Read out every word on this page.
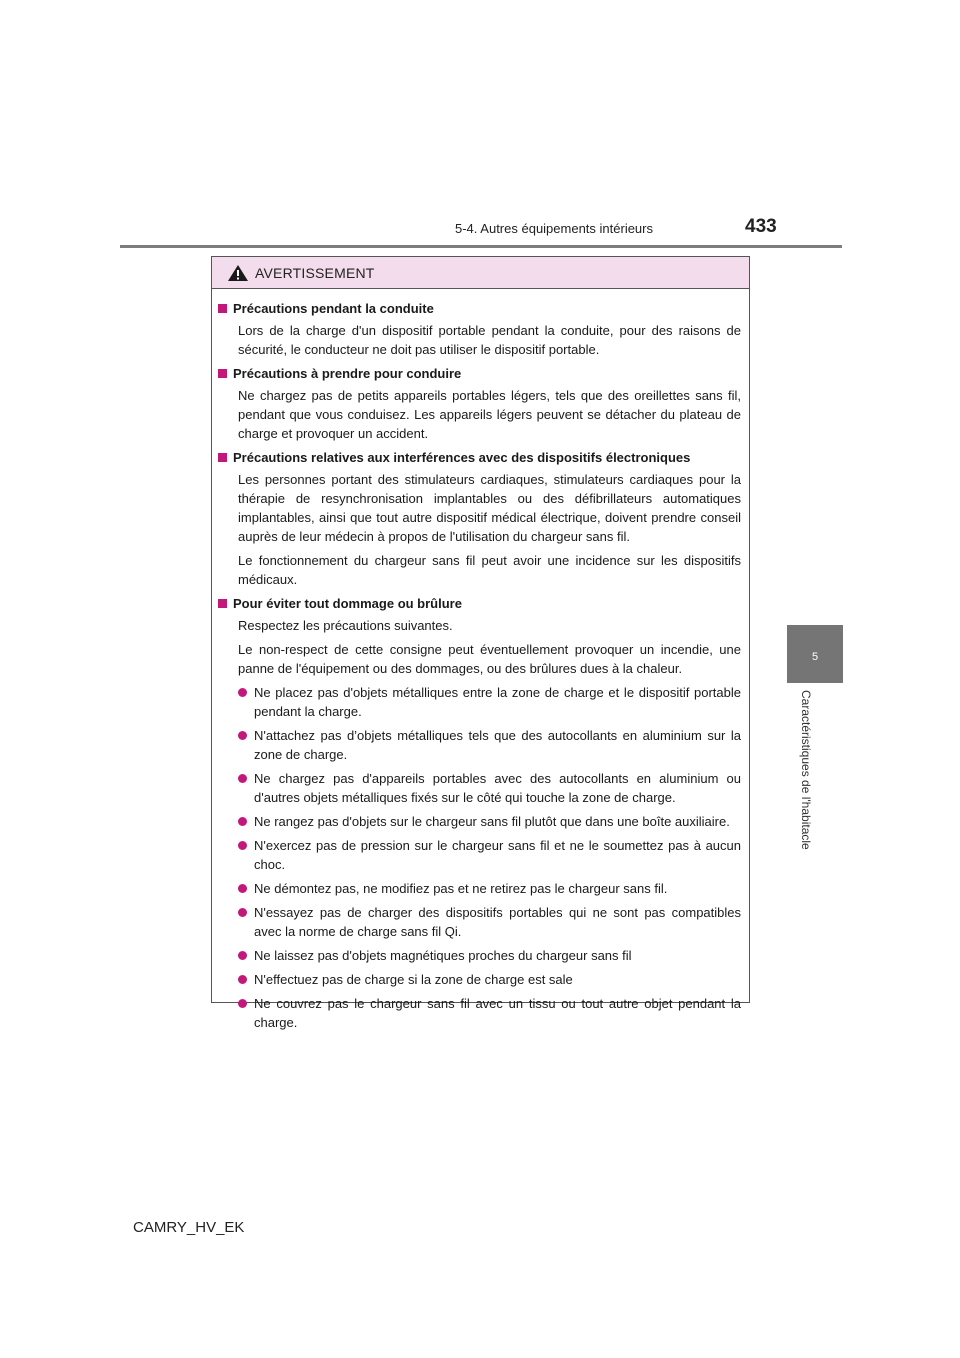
5-4. Autres équipements intérieurs	433
5
Caractéristiques de l'habitacle
AVERTISSEMENT
Précautions pendant la conduite

Lors de la charge d'un dispositif portable pendant la conduite, pour des raisons de sécurité, le conducteur ne doit pas utiliser le dispositif portable.

Précautions à prendre pour conduire

Ne chargez pas de petits appareils portables légers, tels que des oreillettes sans fil, pendant que vous conduisez. Les appareils légers peuvent se détacher du plateau de charge et provoquer un accident.

Précautions relatives aux interférences avec des dispositifs électroniques

Les personnes portant des stimulateurs cardiaques, stimulateurs cardiaques pour la thérapie de resynchronisation implantables ou des défibrillateurs automatiques implantables, ainsi que tout autre dispositif médical électrique, doivent prendre conseil auprès de leur médecin à propos de l'utilisation du chargeur sans fil.

Le fonctionnement du chargeur sans fil peut avoir une incidence sur les dispositifs médicaux.

Pour éviter tout dommage ou brûlure

Respectez les précautions suivantes.

Le non-respect de cette consigne peut éventuellement provoquer un incendie, une panne de l'équipement ou des dommages, ou des brûlures dues à la chaleur.

Ne placez pas d'objets métalliques entre la zone de charge et le dispositif portable pendant la charge.
N'attachez pas d’objets métalliques tels que des autocollants en aluminium sur la zone de charge.
Ne chargez pas d'appareils portables avec des autocollants en aluminium ou d'autres objets métalliques fixés sur le côté qui touche la zone de charge.
Ne rangez pas d'objets sur le chargeur sans fil plutôt que dans une boîte auxiliaire.
N'exercez pas de pression sur le chargeur sans fil et ne le soumettez pas à aucun choc.
Ne démontez pas, ne modifiez pas et ne retirez pas le chargeur sans fil.
N'essayez pas de charger des dispositifs portables qui ne sont pas compatibles avec la norme de charge sans fil Qi.
Ne laissez pas d'objets magnétiques proches du chargeur sans fil
N'effectuez pas de charge si la zone de charge est sale
Ne couvrez pas le chargeur sans fil avec un tissu ou tout autre objet pendant la charge.
CAMRY_HV_EK
